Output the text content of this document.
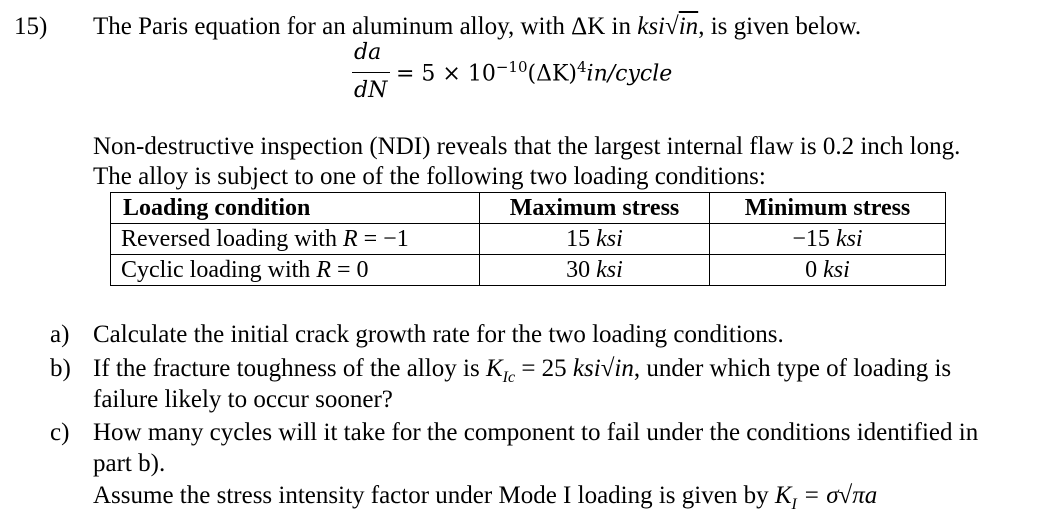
15) The Paris equation for an aluminum alloy, with ΔK in ksi√in, is given below.
da
dN
= $5 \times 10^{-10}(\Delta K)^4in$/cycle
Non-destructive inspection (NDI) reveals that the largest internal flaw is 0.2 inch long.
The alloy is subject to one of the following two loading conditions:
Loading condition	Maximum stress	Minimum stress
Reversed loading with R = −1	15 ksi	−15 ksi
Cyclic loading with R = 0	30 ksi	0 ksi
a) Calculate the initial crack growth rate for the two loading conditions.
b) If the fracture toughness of the alloy is $K_{Ic} = 25$ ksi√in, under which type of loading is
failure likely to occur sooner?
c) How many cycles will it take for the component to fail under the conditions identified in
part b).
Assume the stress intensity factor under Mode I loading is given by $K_I = \sigma√\pi a$
